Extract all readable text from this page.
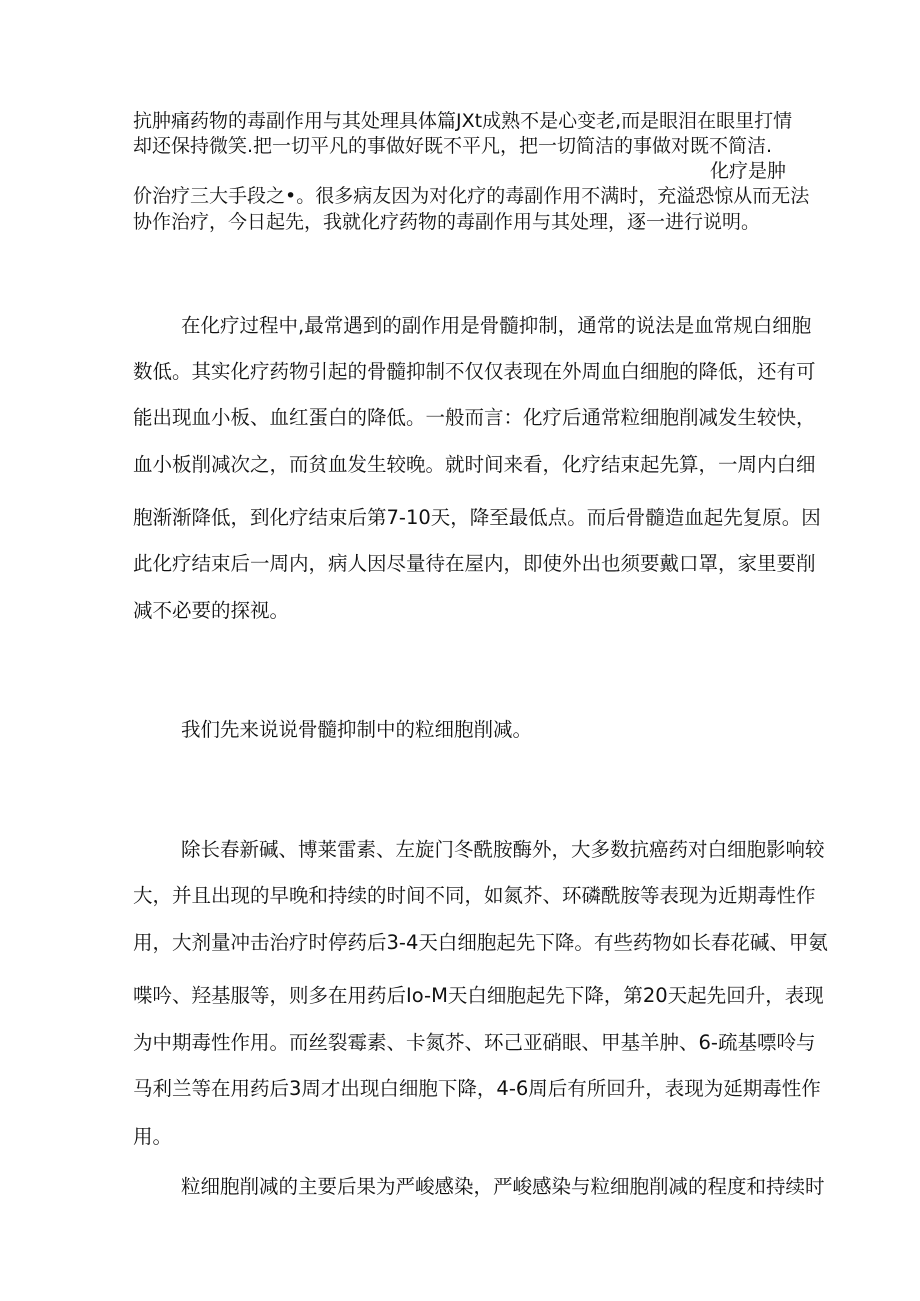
抗肿痛药物的毒副作用与其处理具体篇JXt成熟不是心变老,而是眼泪在眼里打情
却还保持微笑.把一切平凡的事做好既不平凡，把一切简洁的事做对既不简洁.
化疗是肿
价治疗三大手段之•。很多病友因为对化疗的毒副作用不满时，充溢恐惊从而无法
协作治疗，今日起先，我就化疗药物的毒副作用与其处理，逐一进行说明。
在化疗过程中,最常遇到的副作用是骨髓抑制，通常的说法是血常规白细胞
数低。其实化疗药物引起的骨髓抑制不仅仅表现在外周血白细胞的降低，还有可
能出现血小板、血红蛋白的降低。一般而言：化疗后通常粒细胞削减发生较快，
血小板削减次之，而贫血发生较晚。就时间来看，化疗结束起先算，一周内白细
胞渐渐降低，到化疗结束后第7-10天，降至最低点。而后骨髓造血起先复原。因
此化疗结束后一周内，病人因尽量待在屋内，即使外出也须要戴口罩，家里要削
减不必要的探视。
我们先来说说骨髓抑制中的粒细胞削减。
除长春新碱、博莱雷素、左旋门冬酰胺酶外，大多数抗癌药对白细胞影响较
大，并且出现的早晚和持续的时间不同，如氮芥、环磷酰胺等表现为近期毒性作
用，大剂量冲击治疗时停药后3-4天白细胞起先下降。有些药物如长春花碱、甲氨
喋吟、羟基服等，则多在用药后Io-M天白细胞起先下降，第20天起先回升，表现
为中期毒性作用。而丝裂霉素、卡氮芥、环己亚硝眼、甲基羊肿、6-疏基嘌呤与
马利兰等在用药后3周才出现白细胞下降，4-6周后有所回升，表现为延期毒性作
用。
粒细胞削减的主要后果为严峻感染，严峻感染与粒细胞削减的程度和持续时
